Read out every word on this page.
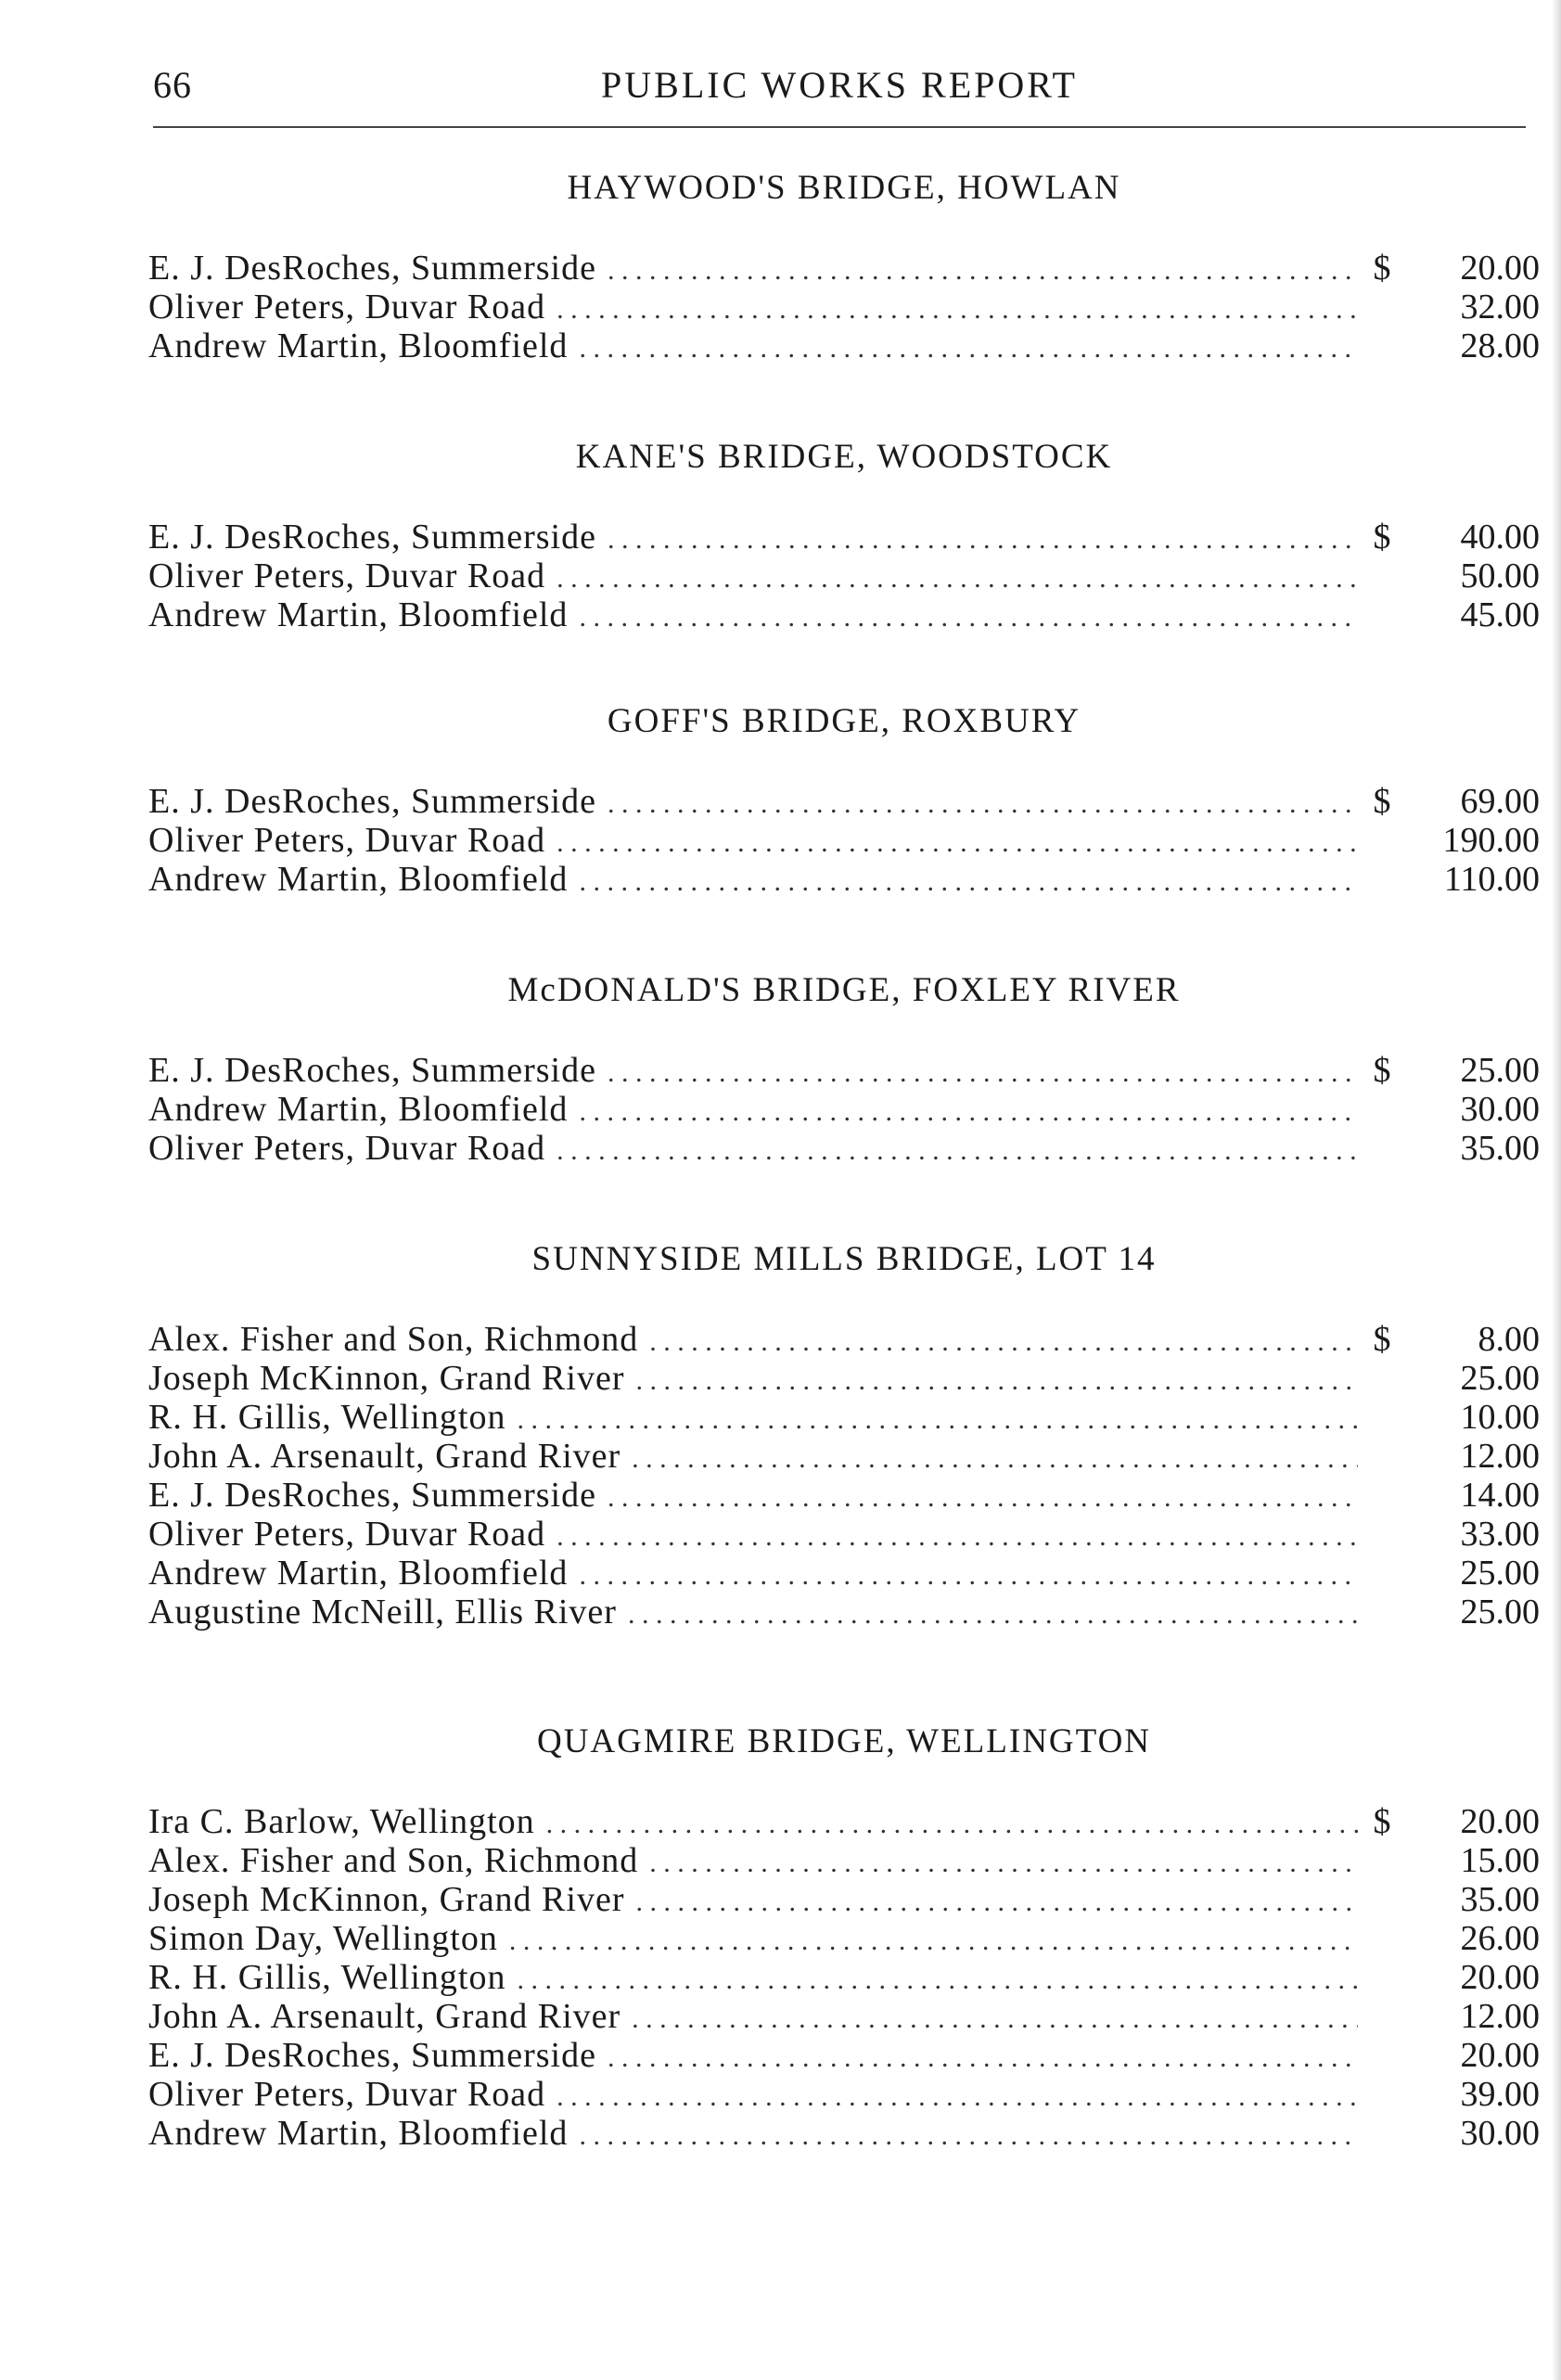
66	PUBLIC WORKS REPORT
HAYWOOD'S BRIDGE, HOWLAN
E. J. DesRoches, Summerside . . .	$	20.00
Oliver Peters, Duvar Road . . .	32.00
Andrew Martin, Bloomfield . . .	28.00
KANE'S BRIDGE, WOODSTOCK
E. J. DesRoches, Summerside . . .	$	40.00
Oliver Peters, Duvar Road . . .	50.00
Andrew Martin, Bloomfield . . .	45.00
GOFF'S BRIDGE, ROXBURY
E. J. DesRoches, Summerside . . .	$	69.00
Oliver Peters, Duvar Road . . .	190.00
Andrew Martin, Bloomfield . . .	110.00
McDONALD'S BRIDGE, FOXLEY RIVER
E. J. DesRoches, Summerside . . .	$	25.00
Andrew Martin, Bloomfield . . .	30.00
Oliver Peters, Duvar Road . . .	35.00
SUNNYSIDE MILLS BRIDGE, LOT 14
Alex. Fisher and Son, Richmond . . .	$	8.00
Joseph McKinnon, Grand River . . .	25.00
R. H. Gillis, Wellington . . .	10.00
John A. Arsenault, Grand River . . .	12.00
E. J. DesRoches, Summerside . . .	14.00
Oliver Peters, Duvar Road . . .	33.00
Andrew Martin, Bloomfield . . .	25.00
Augustine McNeill, Ellis River . . .	25.00
QUAGMIRE BRIDGE, WELLINGTON
Ira C. Barlow, Wellington . . .	$	20.00
Alex. Fisher and Son, Richmond . . .	15.00
Joseph McKinnon, Grand River . . .	35.00
Simon Day, Wellington . . .	26.00
R. H. Gillis, Wellington . . .	20.00
John A. Arsenault, Grand River . . .	12.00
E. J. DesRoches, Summerside . . .	20.00
Oliver Peters, Duvar Road . . .	39.00
Andrew Martin, Bloomfield . . .	30.00
